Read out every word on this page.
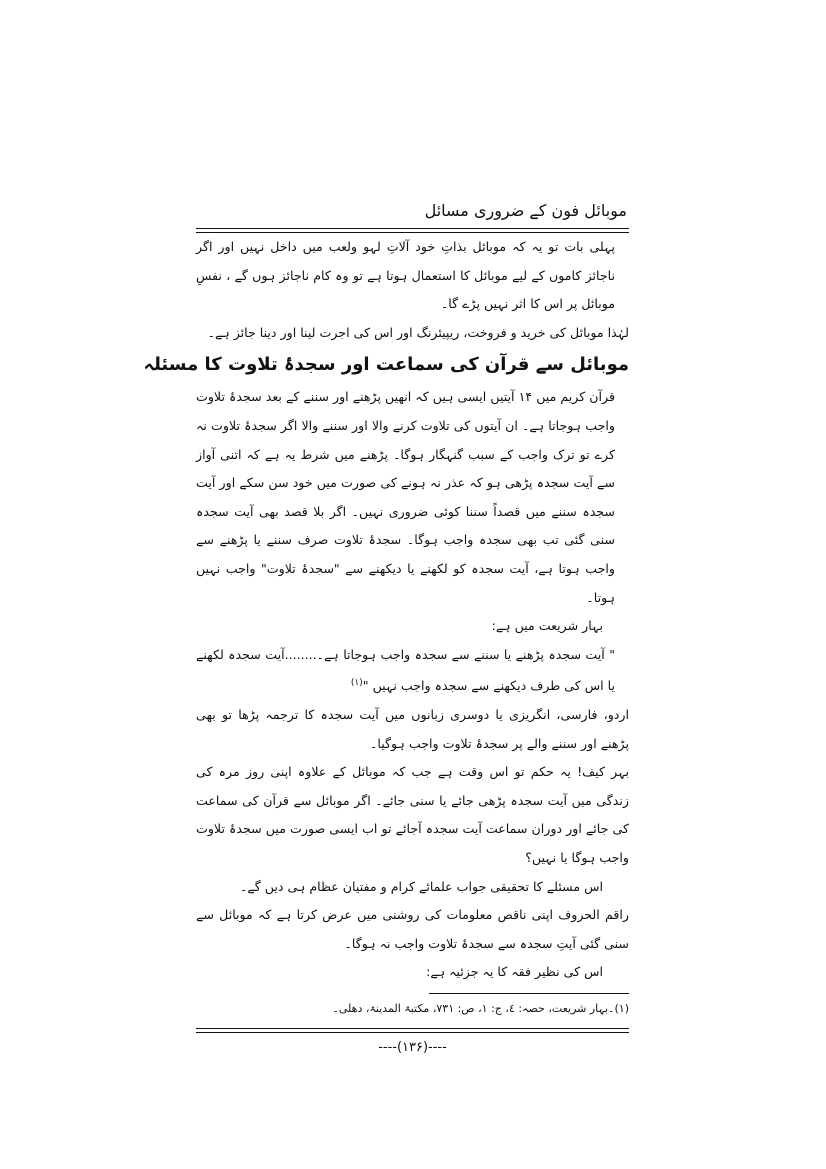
موبائل فون کے ضروری مسائل

پہلی بات تو یہ کہ موبائل بذاتِ خود آلاتِ لہو ولعب میں داخل نہیں اور اگر ناجائز کاموں کے لیے موبائل کا استعمال ہوتا ہے تو وہ کام ناجائز ہوں گے ، نفسِ موبائل پر اس کا اثر نہیں پڑے گا۔

لہٰذا موبائل کی خرید و فروخت، ریپیئرنگ اور اس کی اجرت لینا اور دینا جائز ہے۔

موبائل سے قرآن کی سماعت اور سجدۂ تلاوت کا مسئلہ

قرآن کریم میں ۱۴ آیتیں ایسی ہیں کہ انھیں پڑھنے اور سننے کے بعد سجدۂ تلاوت واجب ہوجاتا ہے۔ ان آیتوں کی تلاوت کرنے والا اور سننے والا اگر سجدۂ تلاوت نہ کرے تو ترک واجب کے سبب گنہگار ہوگا۔ پڑھنے میں شرط یہ ہے کہ اتنی آواز سے آیت سجدہ پڑھی ہو کہ عذر نہ ہونے کی صورت میں خود سن سکے اور آیت سجدہ سننے میں قصداً سننا کوئی ضروری نہیں۔ اگر بلا قصد بھی آیت سجدہ سنی گئی تب بھی سجدہ واجب ہوگا۔ سجدۂ تلاوت صرف سننے یا پڑھنے سے واجب ہوتا ہے، آیت سجدہ کو لکھنے یا دیکھنے سے "سجدۂ تلاوت" واجب نہیں ہوتا۔

بہار شریعت میں ہے:

" آیت سجدہ پڑھنے یا سننے سے سجدہ واجب ہوجاتا ہے۔........آیت سجدہ لکھنے یا اس کی طرف دیکھنے سے سجدہ واجب نہیں "$^{(۱)}$

اردو، فارسی، انگریزی یا دوسری زبانوں میں آیت سجدہ کا ترجمہ پڑھا تو بھی پڑھنے اور سننے والے پر سجدۂ تلاوت واجب ہوگیا۔

بہر کیف! یہ حکم تو اس وقت ہے جب کہ موبائل کے علاوہ اپنی روز مرہ کی زندگی میں آیت سجدہ پڑھی جائے یا سنی جائے۔ اگر موبائل سے قرآن کی سماعت کی جائے اور دوران سماعت آیت سجدہ آجائے تو اب ایسی صورت میں سجدۂ تلاوت واجب ہوگا یا نہیں؟

اس مسئلے کا تحقیقی جواب علمائے کرام و مفتیان عظام ہی دیں گے۔

راقم الحروف اپنی ناقص معلومات کی روشنی میں عرض کرتا ہے کہ موبائل سے سنی گئی آیتِ سجدہ سے سجدۂ تلاوت واجب نہ ہوگا۔

اس کی نظیر فقہ کا یہ جزئیہ ہے:

(۱)۔بہار شریعت، حصہ: ٤، ج: ۱، ص: ۷۳۱، مکتبۃ المدینۃ، دھلی۔

----(۱۳۶)----
